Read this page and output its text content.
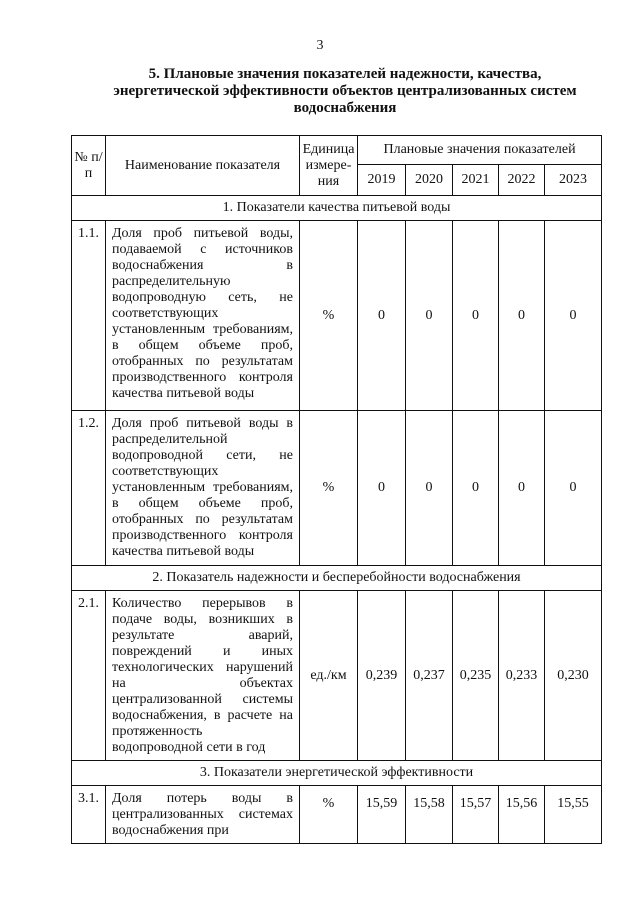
3
5. Плановые значения показателей надежности, качества, энергетической эффективности объектов централизованных систем водоснабжения
№ п/п	Наименование показателя	Единица измере-ния	Плановые значения показателей				
			2019	2020	2021	2022	2023
1. Показатели качества питьевой воды							
1.1.	Доля проб питьевой воды, подаваемой с источников водоснабжения в распределительную водопроводную сеть, не соответствующих установленным требованиям, в общем объеме проб, отобранных по результатам производственного контроля качества питьевой воды	%	0	0	0	0	0
1.2.	Доля проб питьевой воды в распределительной водопроводной сети, не соответствующих установленным требованиям, в общем объеме проб, отобранных по результатам производственного контроля качества питьевой воды	%	0	0	0	0	0
2. Показатель надежности и бесперебойности водоснабжения							
2.1.	Количество перерывов в подаче воды, возникших в результате аварий, повреждений и иных технологических нарушений на объектах централизованной системы водоснабжения, в расчете на протяженность водопроводной сети в год	ед./км	0,239	0,237	0,235	0,233	0,230
3. Показатели энергетической эффективности							
3.1.	Доля потерь воды в централизованных системах водоснабжения при	%	15,59	15,58	15,57	15,56	15,55
